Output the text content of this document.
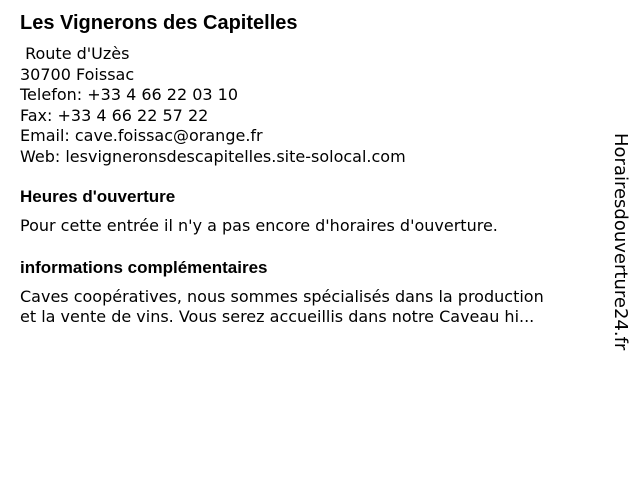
Les Vignerons des Capitelles
Route d'Uzès
30700 Foissac
Telefon: +33 4 66 22 03 10
Fax: +33 4 66 22 57 22
Email: cave.foissac@orange.fr
Web: lesvigneronsdescapitelles.site-solocal.com
Heures d'ouverture

Pour cette entrée il n'y a pas encore d'horaires d'ouverture.

informations complémentaires

Caves coopératives, nous sommes spécialisés dans la production
et la vente de vins. Vous serez accueillis dans notre Caveau hi...	Horairesdouverture24.fr
